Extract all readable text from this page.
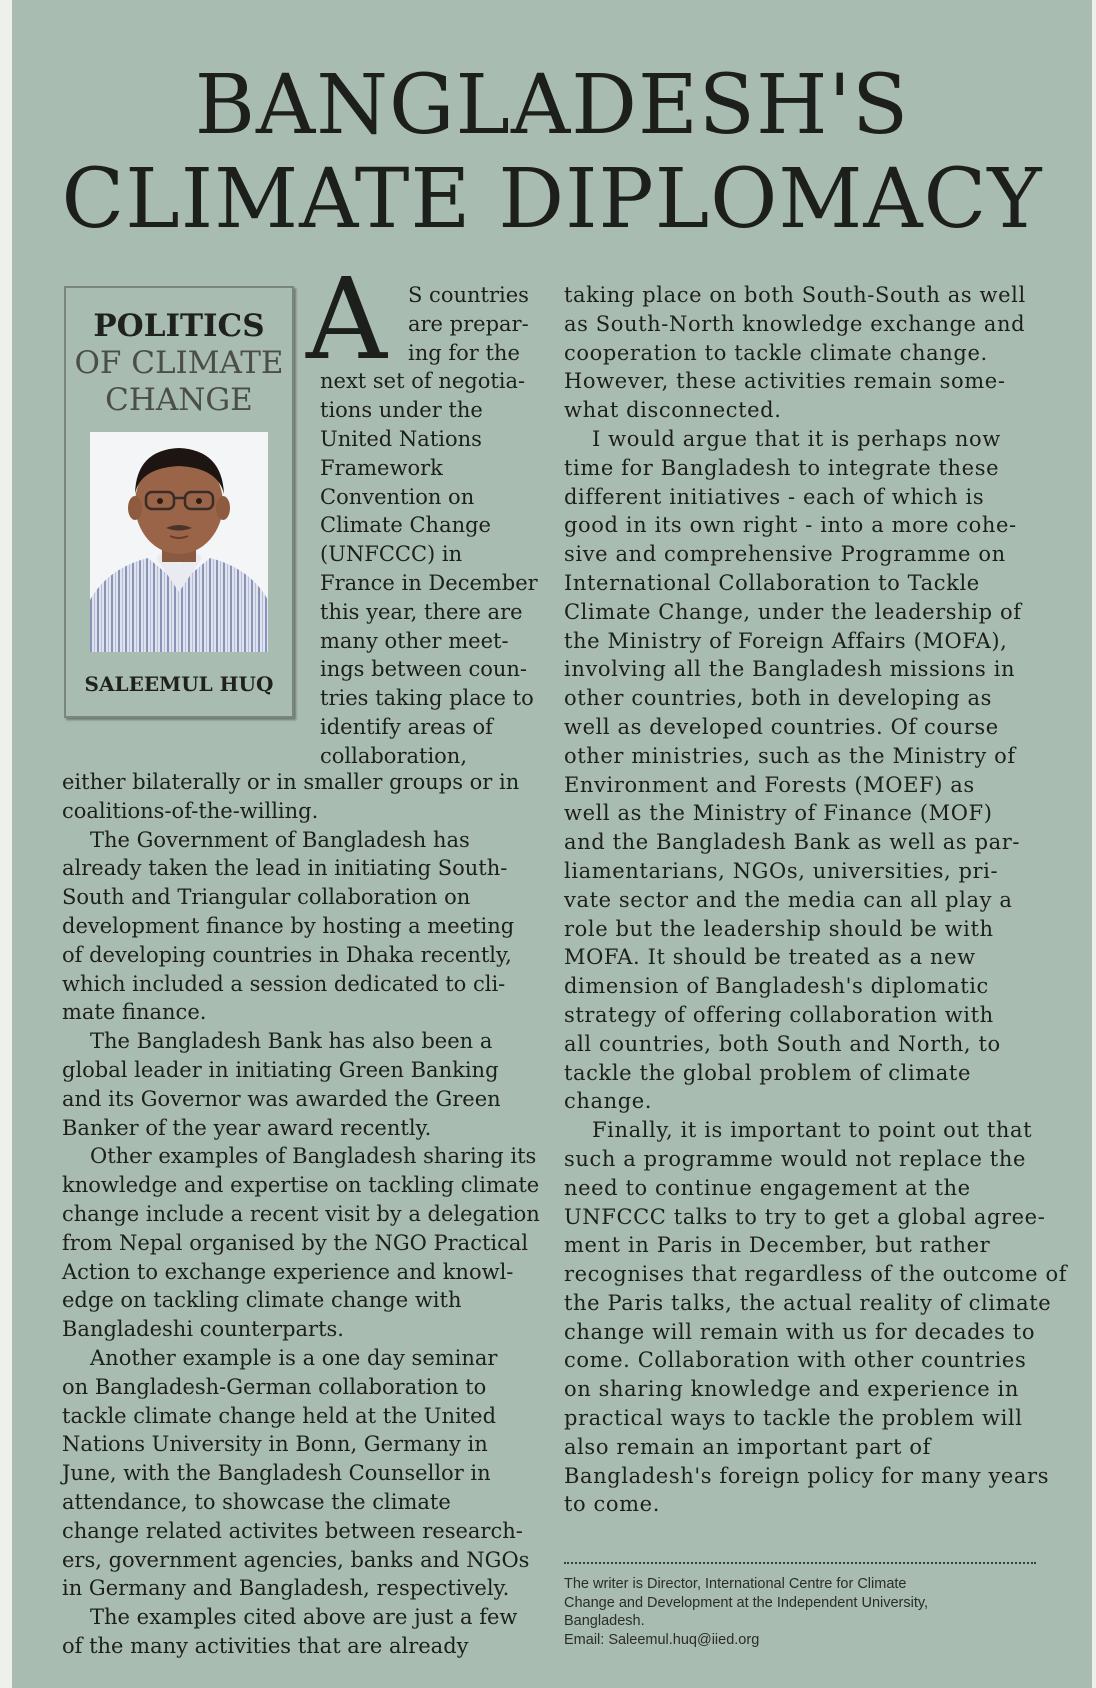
BANGLADESH'S
CLIMATE DIPLOMACY
POLITICS
OF CLIMATE
CHANGE
SALEEMUL HUQ
A	S countries
are prepar-
ing for the
next set of negotia-
tions under the
United Nations
Framework
Convention on
Climate Change
(UNFCCC) in
France in December
this year, there are
many other meet-
ings between coun-
tries taking place to
identify areas of
collaboration,
either bilaterally or in smaller groups or in
coalitions-of-the-willing.
The Government of Bangladesh has
already taken the lead in initiating South-
South and Triangular collaboration on
development finance by hosting a meeting
of developing countries in Dhaka recently,
which included a session dedicated to cli-
mate finance.
The Bangladesh Bank has also been a
global leader in initiating Green Banking
and its Governor was awarded the Green
Banker of the year award recently.
Other examples of Bangladesh sharing its
knowledge and expertise on tackling climate
change include a recent visit by a delegation
from Nepal organised by the NGO Practical
Action to exchange experience and knowl-
edge on tackling climate change with
Bangladeshi counterparts.
Another example is a one day seminar
on Bangladesh-German collaboration to
tackle climate change held at the United
Nations University in Bonn, Germany in
June, with the Bangladesh Counsellor in
attendance, to showcase the climate
change related activites between research-
ers, government agencies, banks and NGOs
in Germany and Bangladesh, respectively.
The examples cited above are just a few
of the many activities that are already
taking place on both South-South as well
as South-North knowledge exchange and
cooperation to tackle climate change.
However, these activities remain some-
what disconnected.
I would argue that it is perhaps now
time for Bangladesh to integrate these
different initiatives - each of which is
good in its own right - into a more cohe-
sive and comprehensive Programme on
International Collaboration to Tackle
Climate Change, under the leadership of
the Ministry of Foreign Affairs (MOFA),
involving all the Bangladesh missions in
other countries, both in developing as
well as developed countries. Of course
other ministries, such as the Ministry of
Environment and Forests (MOEF) as
well as the Ministry of Finance (MOF)
and the Bangladesh Bank as well as par-
liamentarians, NGOs, universities, pri-
vate sector and the media can all play a
role but the leadership should be with
MOFA. It should be treated as a new
dimension of Bangladesh's diplomatic
strategy of offering collaboration with
all countries, both South and North, to
tackle the global problem of climate
change.
Finally, it is important to point out that
such a programme would not replace the
need to continue engagement at the
UNFCCC talks to try to get a global agree-
ment in Paris in December, but rather
recognises that regardless of the outcome of
the Paris talks, the actual reality of climate
change will remain with us for decades to
come. Collaboration with other countries
on sharing knowledge and experience in
practical ways to tackle the problem will
also remain an important part of
Bangladesh's foreign policy for many years
to come.
The writer is Director, International Centre for Climate
Change and Development at the Independent University,
Bangladesh.
Email: Saleemul.huq@iied.org
